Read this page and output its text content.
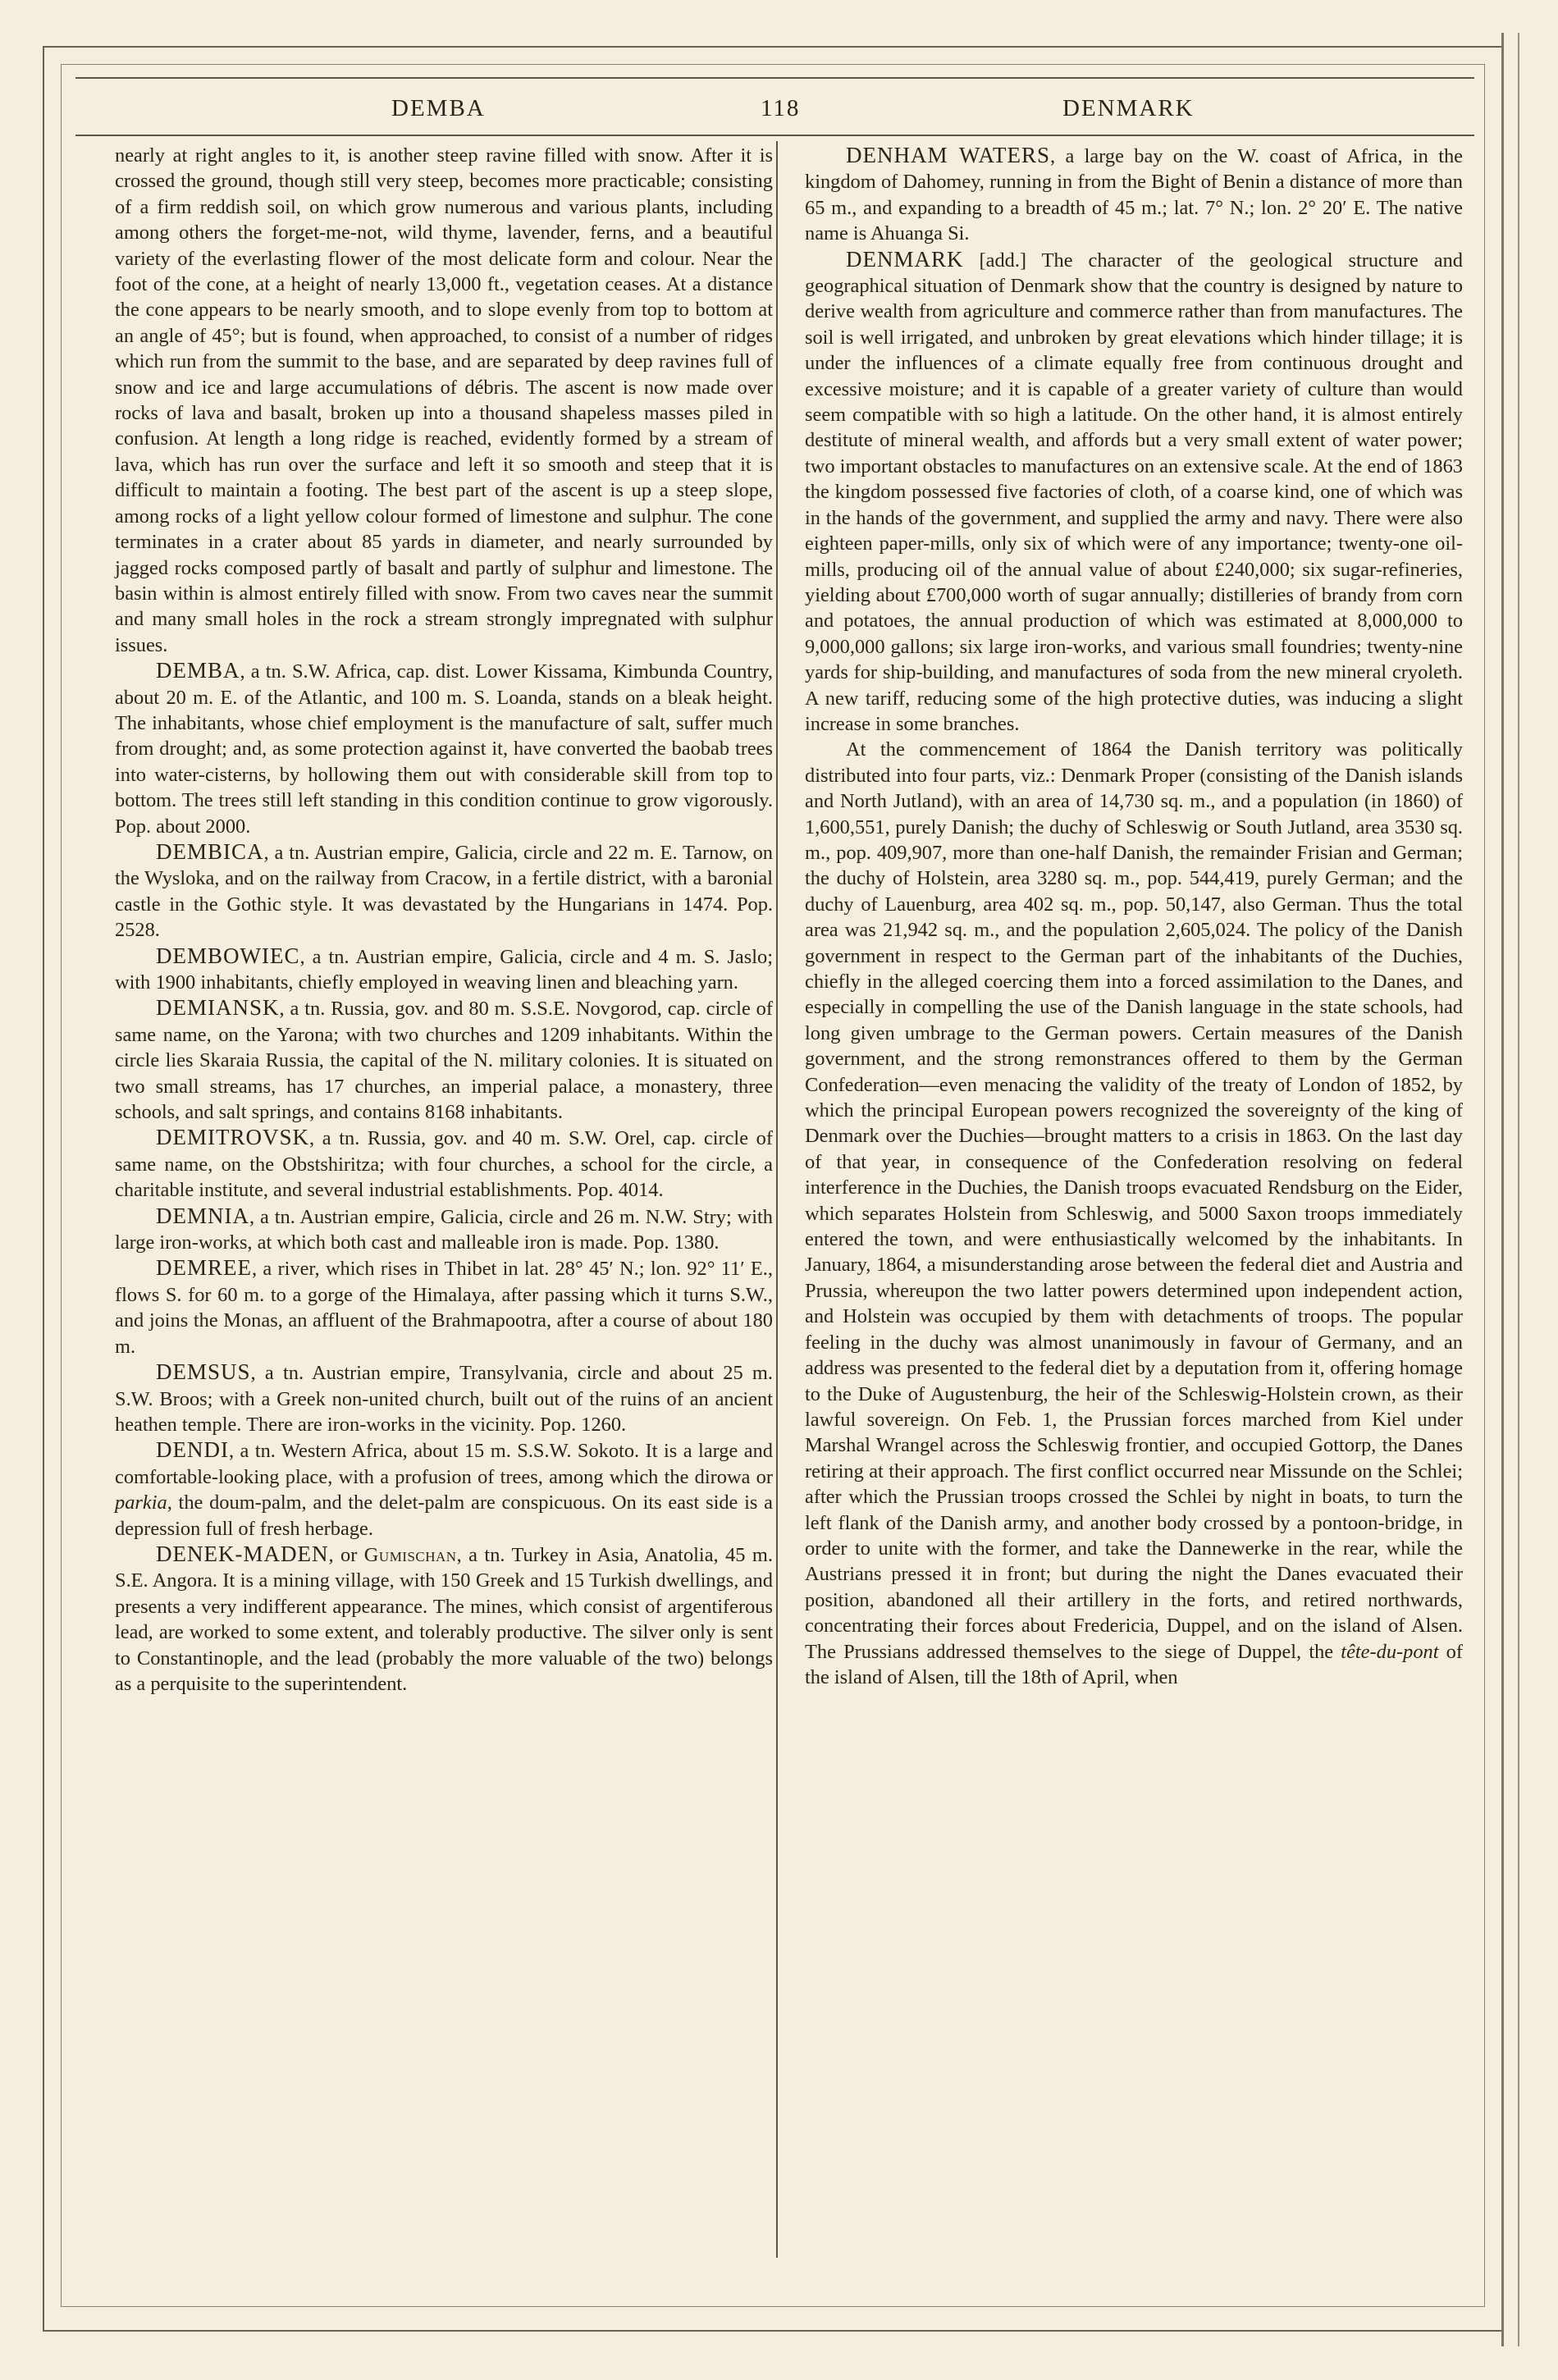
DEMBA	118	DENMARK

nearly at right angles to it, is another steep ravine filled with snow. After it is crossed the ground, though still very steep, becomes more practicable; consisting of a firm reddish soil, on which grow numerous and various plants, including among others the forget-me-not, wild thyme, lavender, ferns, and a beautiful variety of the everlasting flower of the most delicate form and colour. Near the foot of the cone, at a height of nearly 13,000 ft., vegetation ceases. At a distance the cone appears to be nearly smooth, and to slope evenly from top to bottom at an angle of 45°; but is found, when approached, to consist of a number of ridges which run from the summit to the base, and are separated by deep ravines full of snow and ice and large accumulations of débris. The ascent is now made over rocks of lava and basalt, broken up into a thousand shapeless masses piled in confusion. At length a long ridge is reached, evidently formed by a stream of lava, which has run over the surface and left it so smooth and steep that it is difficult to maintain a footing. The best part of the ascent is up a steep slope, among rocks of a light yellow colour formed of limestone and sulphur. The cone terminates in a crater about 85 yards in diameter, and nearly surrounded by jagged rocks composed partly of basalt and partly of sulphur and limestone. The basin within is almost entirely filled with snow. From two caves near the summit and many small holes in the rock a stream strongly impregnated with sulphur issues.

DEMBA, a tn. S.W. Africa, cap. dist. Lower Kissama, Kimbunda Country, about 20 m. E. of the Atlantic, and 100 m. S. Loanda, stands on a bleak height. The inhabitants, whose chief employment is the manufacture of salt, suffer much from drought; and, as some protection against it, have converted the baobab trees into water-cisterns, by hollowing them out with considerable skill from top to bottom. The trees still left standing in this condition continue to grow vigorously. Pop. about 2000.

DEMBICA, a tn. Austrian empire, Galicia, circle and 22 m. E. Tarnow, on the Wysloka, and on the railway from Cracow, in a fertile district, with a baronial castle in the Gothic style. It was devastated by the Hungarians in 1474. Pop. 2528.

DEMBOWIEC, a tn. Austrian empire, Galicia, circle and 4 m. S. Jaslo; with 1900 inhabitants, chiefly employed in weaving linen and bleaching yarn.

DEMIANSK, a tn. Russia, gov. and 80 m. S.S.E. Novgorod, cap. circle of same name, on the Yarona; with two churches and 1209 inhabitants. Within the circle lies Skaraia Russia, the capital of the N. military colonies. It is situated on two small streams, has 17 churches, an imperial palace, a monastery, three schools, and salt springs, and contains 8168 inhabitants.

DEMITROVSK, a tn. Russia, gov. and 40 m. S.W. Orel, cap. circle of same name, on the Obstshiritza; with four churches, a school for the circle, a charitable institute, and several industrial establishments. Pop. 4014.

DEMNIA, a tn. Austrian empire, Galicia, circle and 26 m. N.W. Stry; with large iron-works, at which both cast and malleable iron is made. Pop. 1380.

DEMREE, a river, which rises in Thibet in lat. 28° 45′ N.; lon. 92° 11′ E., flows S. for 60 m. to a gorge of the Himalaya, after passing which it turns S.W., and joins the Monas, an affluent of the Brahmapootra, after a course of about 180 m.

DEMSUS, a tn. Austrian empire, Transylvania, circle and about 25 m. S.W. Broos; with a Greek non-united church, built out of the ruins of an ancient heathen temple. There are iron-works in the vicinity. Pop. 1260.

DENDI, a tn. Western Africa, about 15 m. S.S.W. Sokoto. It is a large and comfortable-looking place, with a profusion of trees, among which the dirowa or parkia, the doum-palm, and the delet-palm are conspicuous. On its east side is a depression full of fresh herbage.

DENEK-MADEN, or Gumischan, a tn. Turkey in Asia, Anatolia, 45 m. S.E. Angora. It is a mining village, with 150 Greek and 15 Turkish dwellings, and presents a very indifferent appearance. The mines, which consist of argentiferous lead, are worked to some extent, and tolerably productive. The silver only is sent to Constantinople, and the lead (probably the more valuable of the two) belongs as a perquisite to the superintendent.

DENHAM WATERS, a large bay on the W. coast of Africa, in the kingdom of Dahomey, running in from the Bight of Benin a distance of more than 65 m., and expanding to a breadth of 45 m.; lat. 7° N.; lon. 2° 20′ E. The native name is Ahuanga Si.

DENMARK [add.] The character of the geological structure and geographical situation of Denmark show that the country is designed by nature to derive wealth from agriculture and commerce rather than from manufactures. The soil is well irrigated, and unbroken by great elevations which hinder tillage; it is under the influences of a climate equally free from continuous drought and excessive moisture; and it is capable of a greater variety of culture than would seem compatible with so high a latitude. On the other hand, it is almost entirely destitute of mineral wealth, and affords but a very small extent of water power; two important obstacles to manufactures on an extensive scale. At the end of 1863 the kingdom possessed five factories of cloth, of a coarse kind, one of which was in the hands of the government, and supplied the army and navy. There were also eighteen paper-mills, only six of which were of any importance; twenty-one oil-mills, producing oil of the annual value of about £240,000; six sugar-refineries, yielding about £700,000 worth of sugar annually; distilleries of brandy from corn and potatoes, the annual production of which was estimated at 8,000,000 to 9,000,000 gallons; six large iron-works, and various small foundries; twenty-nine yards for ship-building, and manufactures of soda from the new mineral cryoleth. A new tariff, reducing some of the high protective duties, was inducing a slight increase in some branches.

At the commencement of 1864 the Danish territory was politically distributed into four parts, viz.: Denmark Proper (consisting of the Danish islands and North Jutland), with an area of 14,730 sq. m., and a population (in 1860) of 1,600,551, purely Danish; the duchy of Schleswig or South Jutland, area 3530 sq. m., pop. 409,907, more than one-half Danish, the remainder Frisian and German; the duchy of Holstein, area 3280 sq. m., pop. 544,419, purely German; and the duchy of Lauenburg, area 402 sq. m., pop. 50,147, also German. Thus the total area was 21,942 sq. m., and the population 2,605,024. The policy of the Danish government in respect to the German part of the inhabitants of the Duchies, chiefly in the alleged coercing them into a forced assimilation to the Danes, and especially in compelling the use of the Danish language in the state schools, had long given umbrage to the German powers. Certain measures of the Danish government, and the strong remonstrances offered to them by the German Confederation—even menacing the validity of the treaty of London of 1852, by which the principal European powers recognized the sovereignty of the king of Denmark over the Duchies—brought matters to a crisis in 1863. On the last day of that year, in consequence of the Confederation resolving on federal interference in the Duchies, the Danish troops evacuated Rendsburg on the Eider, which separates Holstein from Schleswig, and 5000 Saxon troops immediately entered the town, and were enthusiastically welcomed by the inhabitants. In January, 1864, a misunderstanding arose between the federal diet and Austria and Prussia, whereupon the two latter powers determined upon independent action, and Holstein was occupied by them with detachments of troops. The popular feeling in the duchy was almost unanimously in favour of Germany, and an address was presented to the federal diet by a deputation from it, offering homage to the Duke of Augustenburg, the heir of the Schleswig-Holstein crown, as their lawful sovereign. On Feb. 1, the Prussian forces marched from Kiel under Marshal Wrangel across the Schleswig frontier, and occupied Gottorp, the Danes retiring at their approach. The first conflict occurred near Missunde on the Schlei; after which the Prussian troops crossed the Schlei by night in boats, to turn the left flank of the Danish army, and another body crossed by a pontoon-bridge, in order to unite with the former, and take the Dannewerke in the rear, while the Austrians pressed it in front; but during the night the Danes evacuated their position, abandoned all their artillery in the forts, and retired northwards, concentrating their forces about Fredericia, Duppel, and on the island of Alsen. The Prussians addressed themselves to the siege of Duppel, the tête-du-pont of the island of Alsen, till the 18th of April, when
